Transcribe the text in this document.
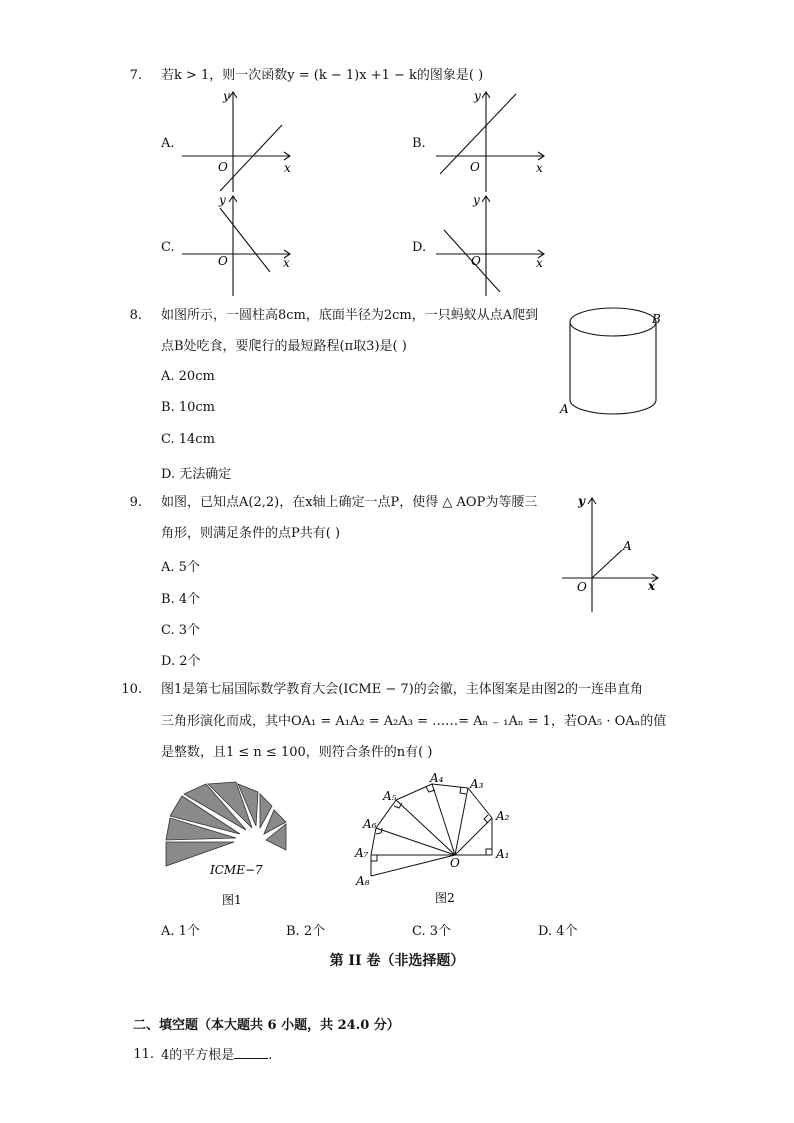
7. 若k > 1，则一次函数y = (k − 1)x +1 − k的图象是( )
A.	B.
C.	D.
y
x
O
y
x
O
y
x
O
y
x
O
8. 如图所示，一圆柱高8cm，底面半径为2cm，一只蚂蚁从点A爬到
点B处吃食，要爬行的最短路程(π取3)是( )
A. 20cm
B. 10cm
C. 14cm
D. 无法确定
B
A
9. 如图，已知点A(2,2)，在x轴上确定一点P，使得 △ AOP为等腰三
角形，则满足条件的点P共有( )
A. 5个
B. 4个
C. 3个
D. 2个
y
x
O
A
10. 图1是第七届国际数学教育大会(ICME − 7)的会徽，主体图案是由图2的一连串直角
三角形演化而成，其中OA₁ = A₁A₂ = A₂A₃ = ……= Aₙ ₋ ₁Aₙ = 1，若OA₅ · OAₙ的值
是整数，且1 ≤ n ≤ 100，则符合条件的n有( )
ICME−7
图1
O
A₁
A₂
A₃
A₄
A₅
A₆
A₇
A₈
图2
A. 1个	B. 2个	C. 3个	D. 4个
第 II 卷（非选择题）
二、填空题（本大题共 6 小题，共 24.0 分）
11. 4的平方根是	.
